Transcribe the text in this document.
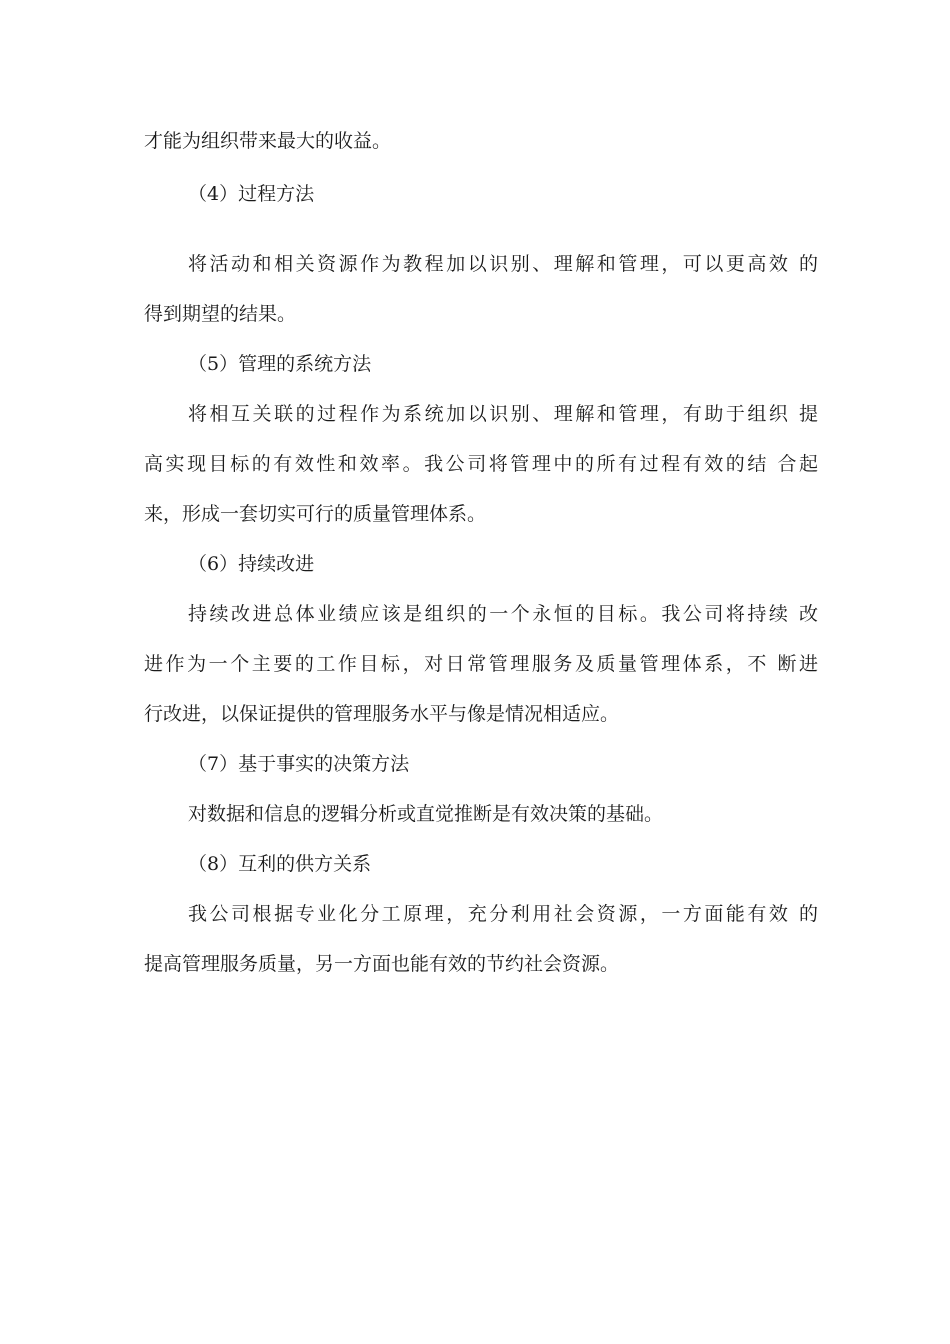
才能为组织带来最大的收益。
（4）过程方法
将活动和相关资源作为教程加以识别、理解和管理，可以更高效 的
得到期望的结果。
（5）管理的系统方法
将相互关联的过程作为系统加以识别、理解和管理，有助于组织 提
高实现目标的有效性和效率。我公司将管理中的所有过程有效的结 合起
来，形成一套切实可行的质量管理体系。
（6）持续改进
持续改进总体业绩应该是组织的一个永恒的目标。我公司将持续 改
进作为一个主要的工作目标，对日常管理服务及质量管理体系，不 断进
行改进，以保证提供的管理服务水平与像是情况相适应。
（7）基于事实的决策方法
对数据和信息的逻辑分析或直觉推断是有效决策的基础。
（8）互利的供方关系
我公司根据专业化分工原理，充分利用社会资源，一方面能有效 的
提高管理服务质量，另一方面也能有效的节约社会资源。
